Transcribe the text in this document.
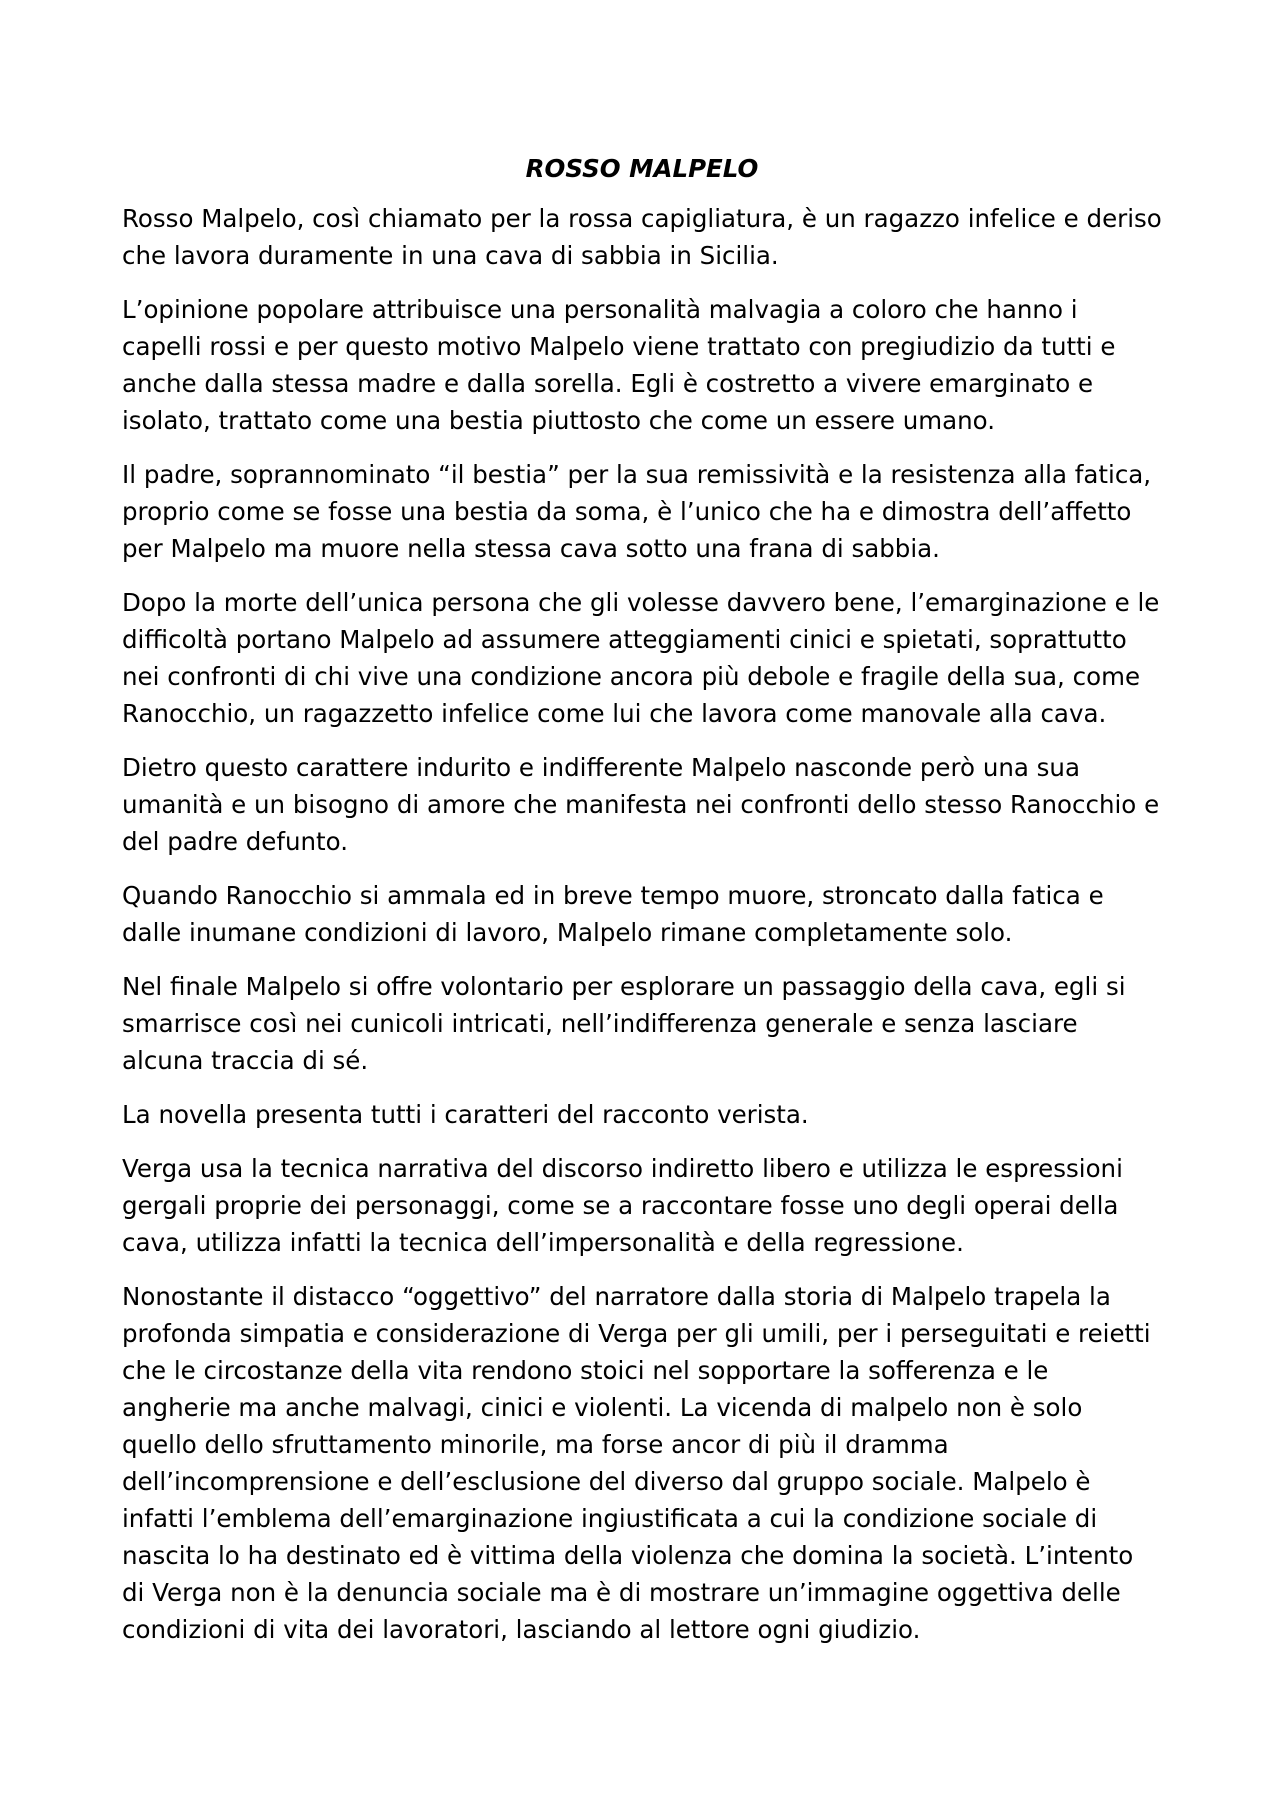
ROSSO MALPELO

Rosso Malpelo, così chiamato per la rossa capigliatura, è un ragazzo infelice e deriso che lavora duramente in una cava di sabbia in Sicilia.

L’opinione popolare attribuisce una personalità malvagia a coloro che hanno i capelli rossi e per questo motivo Malpelo viene trattato con pregiudizio da tutti e anche dalla stessa madre e dalla sorella. Egli è costretto a vivere emarginato e isolato, trattato come una bestia piuttosto che come un essere umano.

Il padre, soprannominato “il bestia” per la sua remissività e la resistenza alla fatica, proprio come se fosse una bestia da soma, è l’unico che ha e dimostra dell’affetto per Malpelo ma muore nella stessa cava sotto una frana di sabbia.

Dopo la morte dell’unica persona che gli volesse davvero bene, l’emarginazione e le difficoltà portano Malpelo ad assumere atteggiamenti cinici e spietati, soprattutto nei confronti di chi vive una condizione ancora più debole e fragile della sua, come Ranocchio, un ragazzetto infelice come lui che lavora come manovale alla cava.

Dietro questo carattere indurito e indifferente Malpelo nasconde però una sua umanità e un bisogno di amore che manifesta nei confronti dello stesso Ranocchio e del padre defunto.

Quando Ranocchio si ammala ed in breve tempo muore, stroncato dalla fatica e dalle inumane condizioni di lavoro, Malpelo rimane completamente solo.

Nel finale Malpelo si offre volontario per esplorare un passaggio della cava, egli si smarrisce così nei cunicoli intricati, nell’indifferenza generale e senza lasciare alcuna traccia di sé.

La novella presenta tutti i caratteri del racconto verista.

Verga usa la tecnica narrativa del discorso indiretto libero e utilizza le espressioni gergali proprie dei personaggi, come se a raccontare fosse uno degli operai della cava, utilizza infatti la tecnica dell’impersonalità e della regressione.

Nonostante il distacco “oggettivo” del narratore dalla storia di Malpelo trapela la profonda simpatia e considerazione di Verga per gli umili, per i perseguitati e reietti che le circostanze della vita rendono stoici nel sopportare la sofferenza e le angherie ma anche malvagi, cinici e violenti. La vicenda di malpelo non è solo quello dello sfruttamento minorile, ma forse ancor di più il dramma dell’incomprensione e dell’esclusione del diverso dal gruppo sociale. Malpelo è infatti l’emblema dell’emarginazione ingiustificata a cui la condizione sociale di nascita lo ha destinato ed è vittima della violenza che domina la società. L’intento di Verga non è la denuncia sociale ma è di mostrare un’immagine oggettiva delle condizioni di vita dei lavoratori, lasciando al lettore ogni giudizio.
